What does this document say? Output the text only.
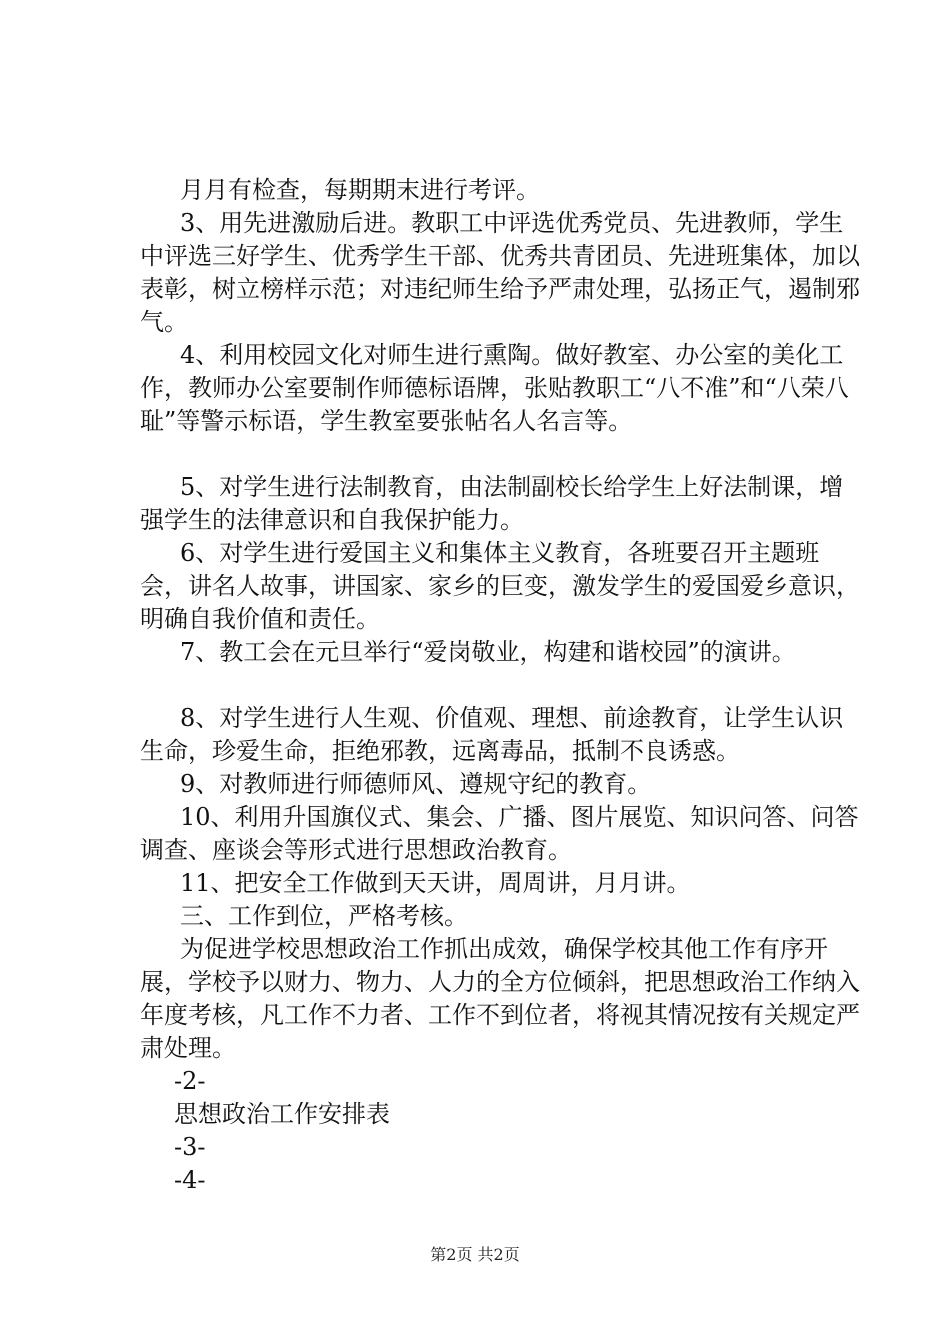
月月有检查，每期期末进行考评。

3、用先进激励后进。教职工中评选优秀党员、先进教师，学生中评选三好学生、优秀学生干部、优秀共青团员、先进班集体，加以表彰，树立榜样示范；对违纪师生给予严肃处理，弘扬正气，遏制邪气。

4、利用校园文化对师生进行熏陶。做好教室、办公室的美化工作，教师办公室要制作师德标语牌，张贴教职工“八不准”和“八荣八耻”等警示标语，学生教室要张帖名人名言等。

5、对学生进行法制教育，由法制副校长给学生上好法制课，增强学生的法律意识和自我保护能力。

6、对学生进行爱国主义和集体主义教育，各班要召开主题班会，讲名人故事，讲国家、家乡的巨变，激发学生的爱国爱乡意识，明确自我价值和责任。

7、教工会在元旦举行“爱岗敬业，构建和谐校园”的演讲。

8、对学生进行人生观、价值观、理想、前途教育，让学生认识生命，珍爱生命，拒绝邪教，远离毒品，抵制不良诱惑。

9、对教师进行师德师风、遵规守纪的教育。

10、利用升国旗仪式、集会、广播、图片展览、知识问答、问答调查、座谈会等形式进行思想政治教育。

11、把安全工作做到天天讲，周周讲，月月讲。

三、工作到位，严格考核。

为促进学校思想政治工作抓出成效，确保学校其他工作有序开展，学校予以财力、物力、人力的全方位倾斜，把思想政治工作纳入年度考核，凡工作不力者、工作不到位者，将视其情况按有关规定严肃处理。

-2-

思想政治工作安排表

-3-

-4-

第2页 共2页
